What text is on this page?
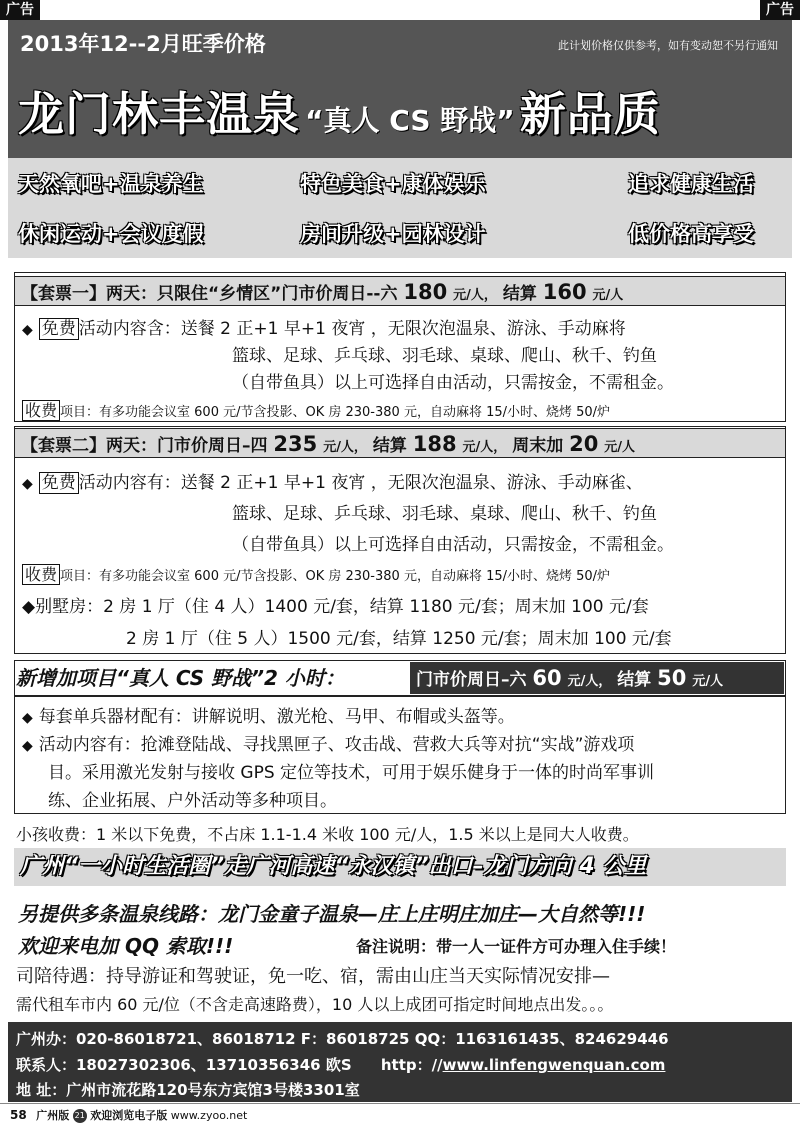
广告	广告
2013年12--2月旺季价格	此计划价格仅供参考，如有变动恕不另行通知
龙门林丰温泉 “真人 CS 野战” 新品质
天然氧吧+温泉养生	特色美食+康体娱乐	追求健康生活
休闲运动+会议度假	房间升级+园林设计	低价格高享受
【套票一】两天：只限住“乡情区”门市价周日--六 180 元/人， 结算 160 元/人
◆ 免费 活动内容含：送餐 2 正+1 早+1 夜宵 ，无限次泡温泉、游泳、手动麻将
篮球、足球、乒乓球、羽毛球、桌球、爬山、秋千、钓鱼
（自带鱼具）以上可选择自由活动，只需按金，不需租金。
收费 项目：有多功能会议室 600 元/节含投影、OK 房 230-380 元，自动麻将 15/小时、烧烤 50/炉
【套票二】两天：门市价周日–四 235 元/人， 结算 188 元/人， 周末加 20 元/人
◆ 免费 活动内容有：送餐 2 正+1 早+1 夜宵 ，无限次泡温泉、游泳、手动麻雀、
篮球、足球、乒乓球、羽毛球、桌球、爬山、秋千、钓鱼
（自带鱼具）以上可选择自由活动，只需按金，不需租金。
收费 项目：有多功能会议室 600 元/节含投影、OK 房 230-380 元，自动麻将 15/小时、烧烤 50/炉
◆别墅房：2 房 1 厅（住 4 人）1400 元/套，结算 1180 元/套；周末加 100 元/套
2 房 1 厅（住 5 人）1500 元/套，结算 1250 元/套；周末加 100 元/套
新增加项目“真人 CS 野战”2 小时：	门市价周日–六 60 元/人， 结算 50 元/人
◆ 每套单兵器材配有：讲解说明、激光枪、马甲、布帽或头盔等。
◆ 活动内容有：抢滩登陆战、寻找黑匣子、攻击战、营救大兵等对抗“实战”游戏项
目。采用激光发射与接收 GPS 定位等技术，可用于娱乐健身于一体的时尚军事训
练、企业拓展、户外活动等多种项目。
小孩收费：1 米以下免费，不占床 1.1-1.4 米收 100 元/人，1.5 米以上是同大人收费。
广州“一小时生活圈”走广河高速“永汉镇”出口–龙门方向 4 公里
另提供多条温泉线路：龙门金童子温泉—庄上庄明庄加庄—大自然等!!!
欢迎来电加 QQ 索取!!!	备注说明：带一人一证件方可办理入住手续！
司陪待遇：持导游证和驾驶证，免一吃、宿，需由山庄当天实际情况安排—
需代租车市内 60 元/位（不含走高速路费），10 人以上成团可指定时间地点出发。。。
广州办：020-86018721、86018712 F：86018725 QQ：1163161435、824629446
联系人：18027302306、13710356346 欧S http：//www.linfengwenquan.com
地 址：广州市流花路120号东方宾馆3号楼3301室
58 广州版 21 欢迎浏览电子版 www.zyoo.net
